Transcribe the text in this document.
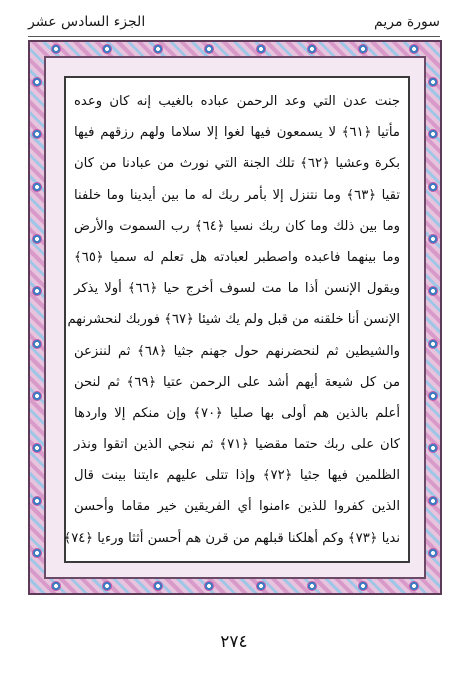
الجزء السادس عشر	سورة مريم
جنت عدن التي وعد الرحمن عباده بالغيب إنه كان وعده
مأتيا ﴿٦١﴾ لا يسمعون فيها لغوا إلا سلاما ولهم رزقهم فيها
بكرة وعشيا ﴿٦٢﴾ تلك الجنة التي نورث من عبادنا من كان
تقيا ﴿٦٣﴾ وما نتنزل إلا بأمر ربك له ما بين أيدينا وما خلفنا
وما بين ذلك وما كان ربك نسيا ﴿٦٤﴾ رب السموت والأرض
وما بينهما فاعبده واصطبر لعبادته هل تعلم له سميا ﴿٦٥﴾
ويقول الإنسن أذا ما مت لسوف أخرج حيا ﴿٦٦﴾ أولا يذكر
الإنسن أنا خلقنه من قبل ولم يك شيئا ﴿٦٧﴾ فوربك لنحشرنهم
والشيطين ثم لنحضرنهم حول جهنم جثيا ﴿٦٨﴾ ثم لننزعن
من كل شيعة أيهم أشد على الرحمن عتيا ﴿٦٩﴾ ثم لنحن
أعلم بالذين هم أولى بها صليا ﴿٧٠﴾ وإن منكم إلا واردها
كان على ربك حتما مقضيا ﴿٧١﴾ ثم ننجي الذين اتقوا ونذر
الظلمين فيها جثيا ﴿٧٢﴾ وإذا تتلى عليهم ءايتنا بينت قال
الذين كفروا للذين ءامنوا أي الفريقين خير مقاما وأحسن
نديا ﴿٧٣﴾ وكم أهلكنا قبلهم من قرن هم أحسن أثثا ورءيا ﴿٧٤﴾
٢٧٤
